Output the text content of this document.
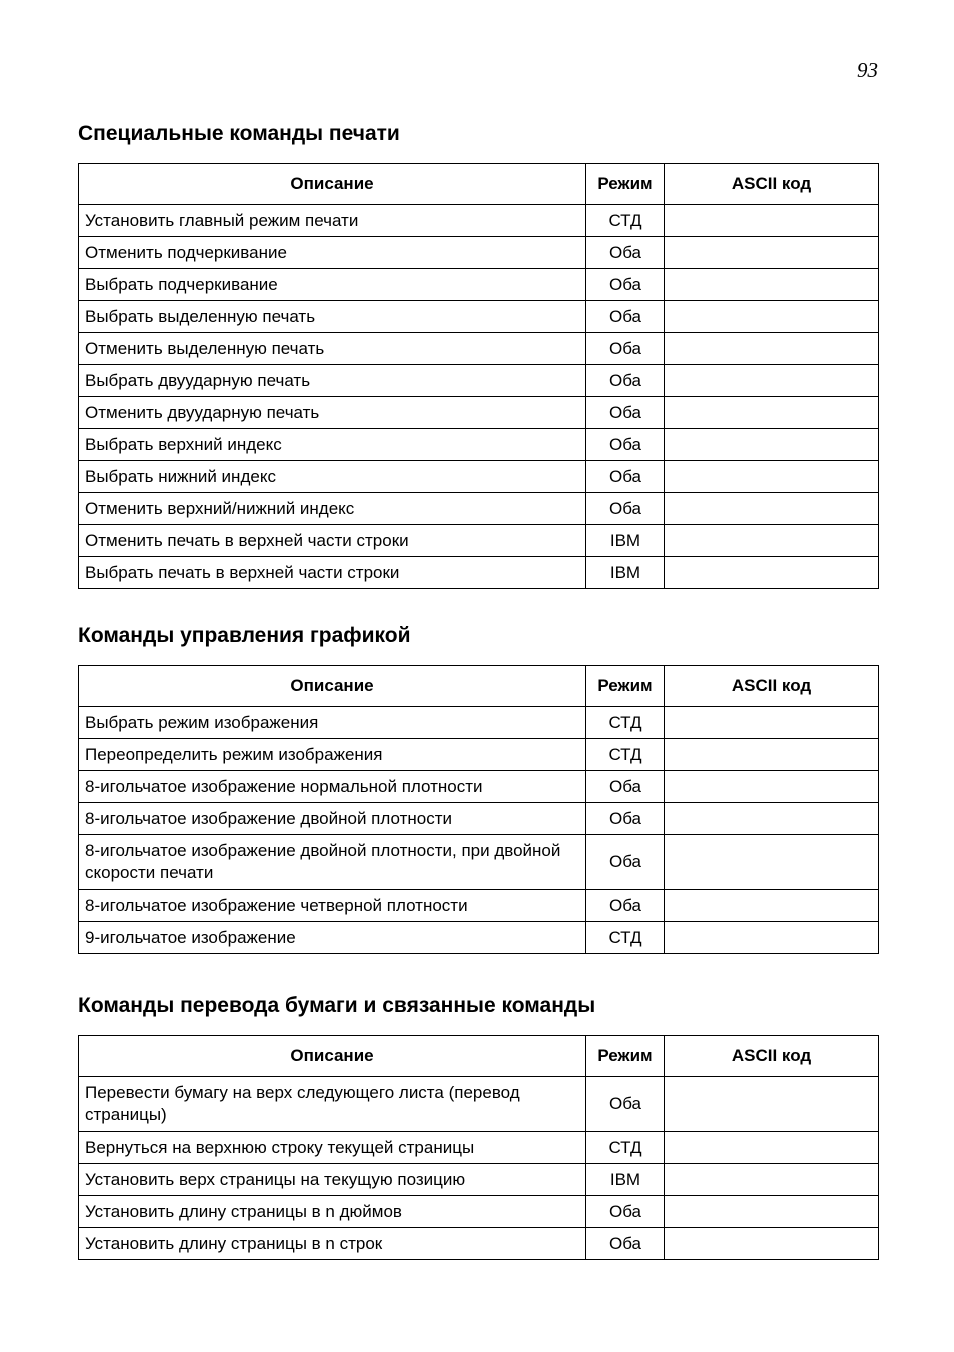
93
Специальные команды печати
Описание	Режим	ASCII код
Установить главный режим печати	СТД	
Отменить подчеркивание	Оба	
Выбрать подчеркивание	Оба	
Выбрать выделенную печать	Оба	
Отменить выделенную печать	Оба	
Выбрать двуударную печать	Оба	
Отменить двуударную печать	Оба	
Выбрать верхний индекс	Оба	
Выбрать нижний индекс	Оба	
Отменить верхний/нижний индекс	Оба	
Отменить печать в верхней части строки	IBM	
Выбрать печать в верхней части строки	IBM	
Команды управления графикой
Описание	Режим	ASCII код
Выбрать режим изображения	СТД	
Переопределить режим изображения	СТД	
8-игольчатое изображение нормальной плотности	Оба	
8-игольчатое изображение двойной плотности	Оба	
8-игольчатое изображение двойной плотности, при двойной скорости печати	Оба	
8-игольчатое изображение четверной плотности	Оба	
9-игольчатое изображение	СТД	
Команды перевода бумаги и связанные команды
Описание	Режим	ASCII код
Перевести бумагу на верх следующего листа (перевод страницы)	Оба	
Вернуться на верхнюю строку текущей страницы	СТД	
Установить верх страницы на текущую позицию	IBM	
Установить длину страницы в n дюймов	Оба	
Установить длину страницы в n строк	Оба	
